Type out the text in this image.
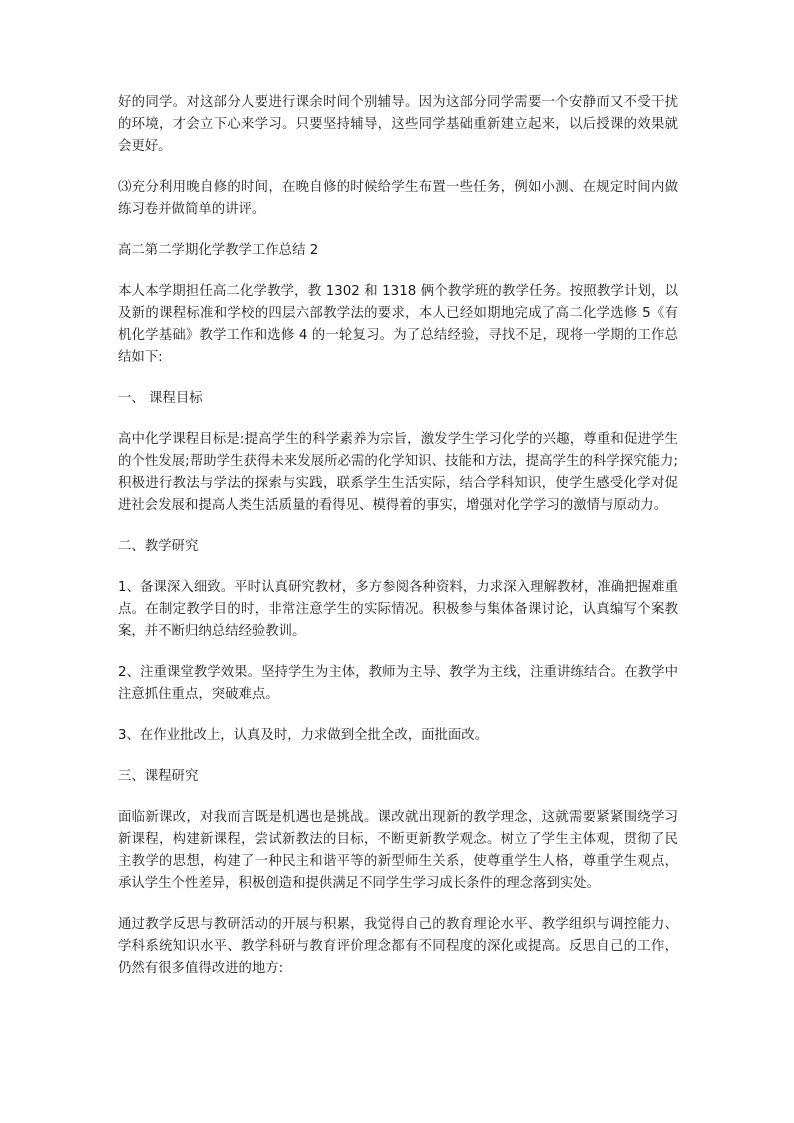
好的同学。对这部分人要进行课余时间个别辅导。因为这部分同学需要一个安静而又不受干扰的环境，才会立下心来学习。只要坚持辅导，这些同学基础重新建立起来，以后授课的效果就会更好。

⑶充分利用晚自修的时间，在晚自修的时候给学生布置一些任务，例如小测、在规定时间内做练习卷并做简单的讲评。

高二第二学期化学教学工作总结 2

本人本学期担任高二化学教学，教 1302 和 1318 俩个教学班的教学任务。按照教学计划，以及新的课程标准和学校的四层六部教学法的要求，本人已经如期地完成了高二化学选修 5《有机化学基础》教学工作和选修 4 的一轮复习。为了总结经验，寻找不足，现将一学期的工作总结如下:

一、 课程目标

高中化学课程目标是:提高学生的科学素养为宗旨，激发学生学习化学的兴趣，尊重和促进学生的个性发展;帮助学生获得未来发展所必需的化学知识、技能和方法，提高学生的科学探究能力;积极进行教法与学法的探索与实践，联系学生生活实际，结合学科知识，使学生感受化学对促进社会发展和提高人类生活质量的看得见、模得着的事实，增强对化学学习的激情与原动力。

二、教学研究

1、备课深入细致。平时认真研究教材，多方参阅各种资料，力求深入理解教材，准确把握难重点。在制定教学目的时，非常注意学生的实际情况。积极参与集体备课讨论，认真编写个案教案，并不断归纳总结经验教训。

2、注重课堂教学效果。坚持学生为主体，教师为主导、教学为主线，注重讲练结合。在教学中注意抓住重点，突破难点。

3、在作业批改上，认真及时，力求做到全批全改，面批面改。

三、课程研究

面临新课改，对我而言既是机遇也是挑战。课改就出现新的教学理念，这就需要紧紧围绕学习新课程，构建新课程，尝试新教法的目标，不断更新教学观念。树立了学生主体观，贯彻了民主教学的思想，构建了一种民主和谐平等的新型师生关系，使尊重学生人格，尊重学生观点，承认学生个性差异，积极创造和提供满足不同学生学习成长条件的理念落到实处。

通过教学反思与教研活动的开展与积累，我觉得自己的教育理论水平、教学组织与调控能力、学科系统知识水平、教学科研与教育评价理念都有不同程度的深化或提高。反思自己的工作，仍然有很多值得改进的地方:
